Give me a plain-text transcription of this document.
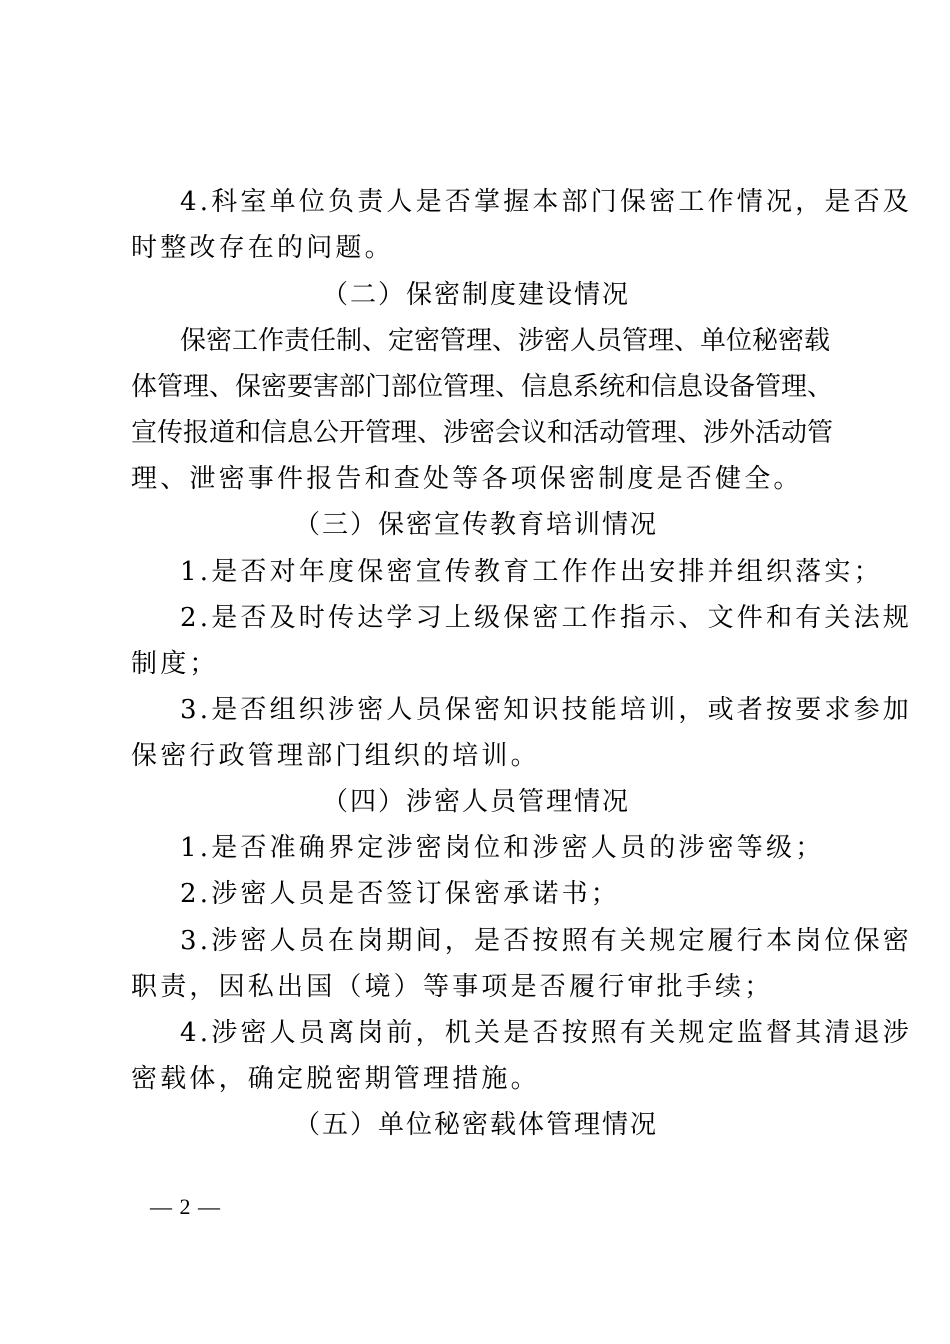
4.科室单位负责人是否掌握本部门保密工作情况，是否及

时整改存在的问题。

（二）保密制度建设情况

保密工作责任制、定密管理、涉密人员管理、单位秘密载

体管理、保密要害部门部位管理、信息系统和信息设备管理、

宣传报道和信息公开管理、涉密会议和活动管理、涉外活动管

理、泄密事件报告和查处等各项保密制度是否健全。

（三）保密宣传教育培训情况

1.是否对年度保密宣传教育工作作出安排并组织落实；

2.是否及时传达学习上级保密工作指示、文件和有关法规

制度；

3.是否组织涉密人员保密知识技能培训，或者按要求参加

保密行政管理部门组织的培训。

（四）涉密人员管理情况

1.是否准确界定涉密岗位和涉密人员的涉密等级；

2.涉密人员是否签订保密承诺书；

3.涉密人员在岗期间，是否按照有关规定履行本岗位保密

职责，因私出国（境）等事项是否履行审批手续；

4.涉密人员离岗前，机关是否按照有关规定监督其清退涉

密载体，确定脱密期管理措施。

（五）单位秘密载体管理情况

— 2 —
